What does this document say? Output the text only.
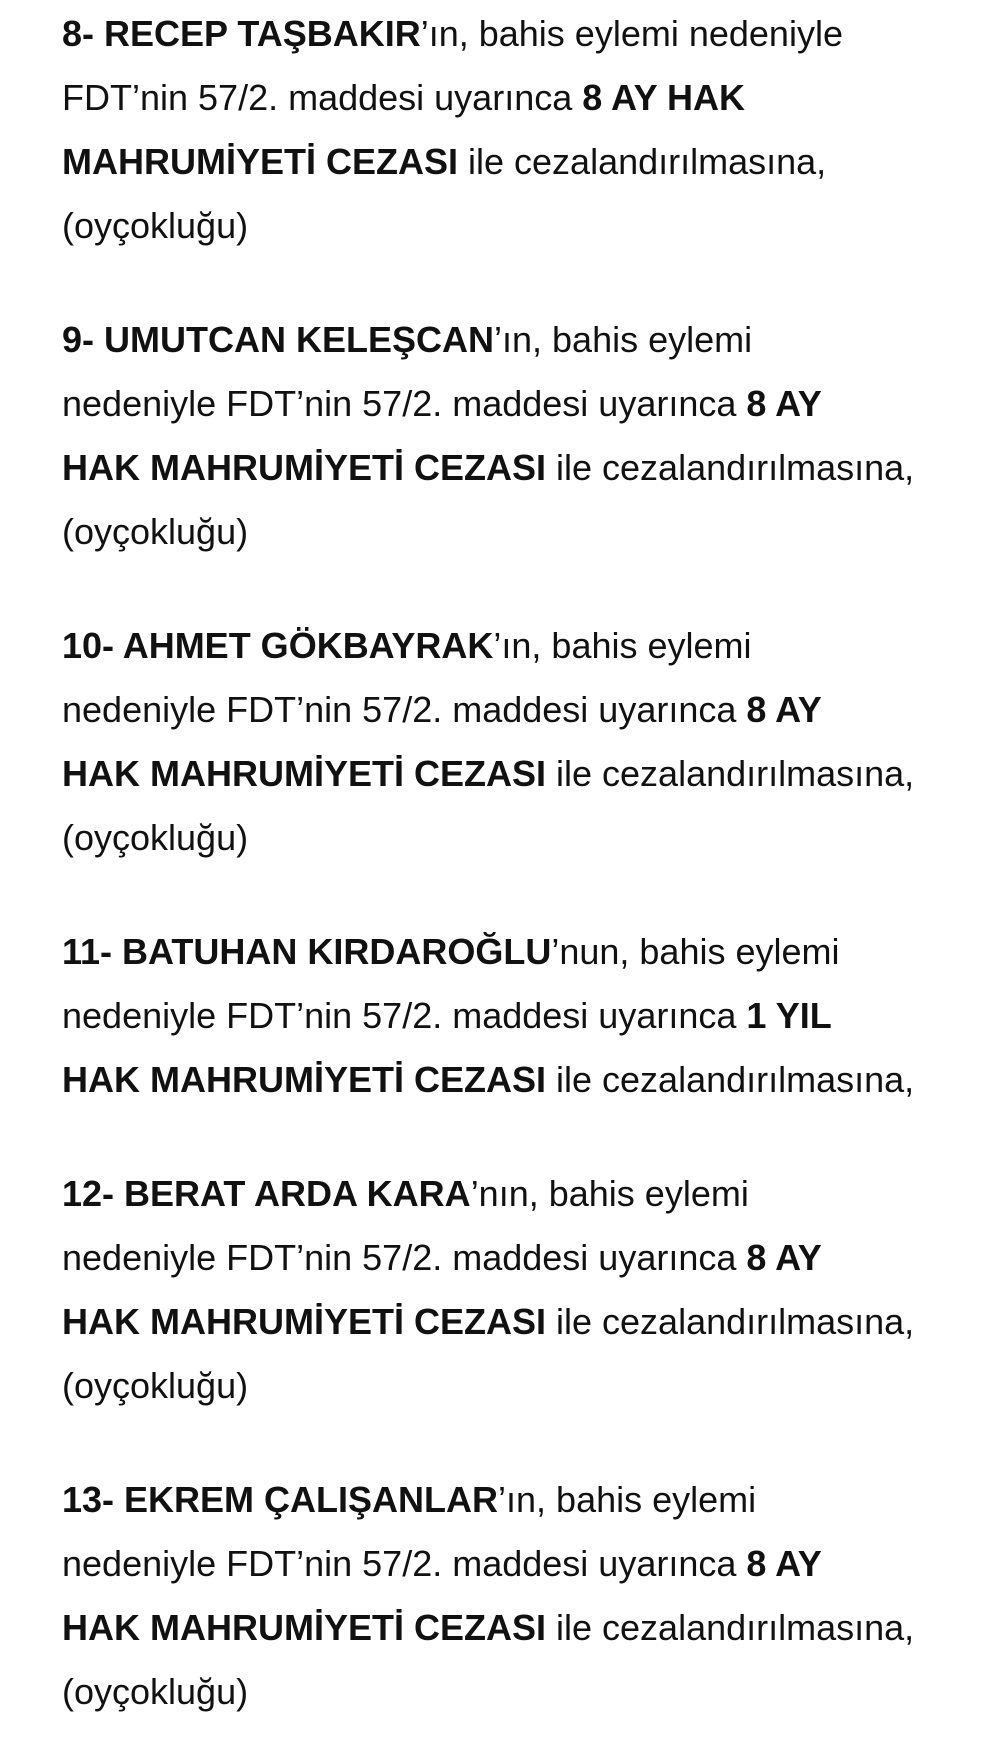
8- RECEP TAŞBAKIR’ın, bahis eylemi nedeniyle
FDT’nin 57/2. maddesi uyarınca 8 AY HAK
MAHRUMİYETİ CEZASI ile cezalandırılmasına,
(oyçokluğu)
9- UMUTCAN KELEŞCAN’ın, bahis eylemi
nedeniyle FDT’nin 57/2. maddesi uyarınca 8 AY
HAK MAHRUMİYETİ CEZASI ile cezalandırılmasına,
(oyçokluğu)
10- AHMET GÖKBAYRAK’ın, bahis eylemi
nedeniyle FDT’nin 57/2. maddesi uyarınca 8 AY
HAK MAHRUMİYETİ CEZASI ile cezalandırılmasına,
(oyçokluğu)
11- BATUHAN KIRDAROĞLU’nun, bahis eylemi
nedeniyle FDT’nin 57/2. maddesi uyarınca 1 YIL
HAK MAHRUMİYETİ CEZASI ile cezalandırılmasına,
12- BERAT ARDA KARA’nın, bahis eylemi
nedeniyle FDT’nin 57/2. maddesi uyarınca 8 AY
HAK MAHRUMİYETİ CEZASI ile cezalandırılmasına,
(oyçokluğu)
13- EKREM ÇALIŞANLAR’ın, bahis eylemi
nedeniyle FDT’nin 57/2. maddesi uyarınca 8 AY
HAK MAHRUMİYETİ CEZASI ile cezalandırılmasına,
(oyçokluğu)
